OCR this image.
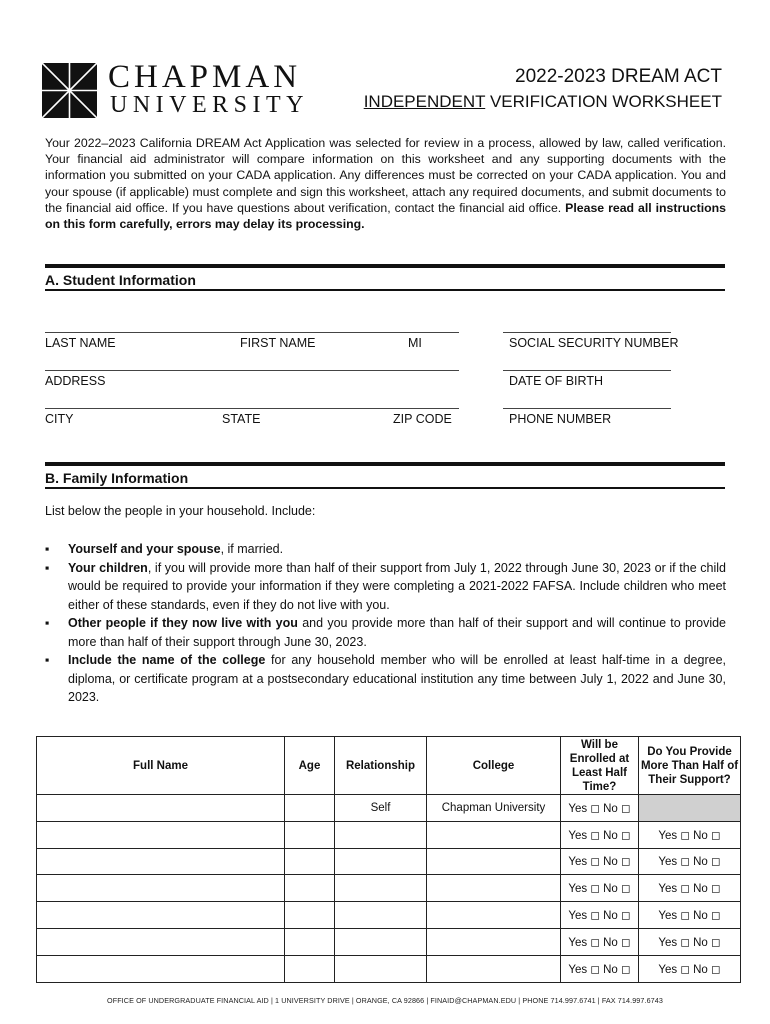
CHAPMAN
UNIVERSITY
2022-2023 DREAM ACT
INDEPENDENT VERIFICATION WORKSHEET
Your 2022–2023 California DREAM Act Application was selected for review in a process, allowed by law, called verification. Your financial aid administrator will compare information on this worksheet and any supporting documents with the information you submitted on your CADA application. Any differences must be corrected on your CADA application. You and your spouse (if applicable) must complete and sign this worksheet, attach any required documents, and submit documents to the financial aid office. If you have questions about verification, contact the financial aid office. Please read all instructions on this form carefully, errors may delay its processing.
A. Student Information
LAST NAME	FIRST NAME	MI	SOCIAL SECURITY NUMBER
ADDRESS	DATE OF BIRTH
CITY	STATE	ZIP CODE	PHONE NUMBER
B. Family Information
List below the people in your household. Include:
▪ Yourself and your spouse, if married.
▪ Your children, if you will provide more than half of their support from July 1, 2022 through June 30, 2023 or if the child would be required to provide your information if they were completing a 2021-2022 FAFSA. Include children who meet either of these standards, even if they do not live with you.
▪ Other people if they now live with you and you provide more than half of their support and will continue to provide more than half of their support through June 30, 2023.
▪ Include the name of the college for any household member who will be enrolled at least half-time in a degree, diploma, or certificate program at a postsecondary educational institution any time between July 1, 2022 and June 30, 2023.
Full Name	Age	Relationship	College	Will be Enrolled at Least Half Time?	Do You Provide More Than Half of Their Support?
		Self	Chapman University	Yes ◻ No ◻	
				Yes ◻ No ◻	Yes ◻ No ◻
				Yes ◻ No ◻	Yes ◻ No ◻
				Yes ◻ No ◻	Yes ◻ No ◻
				Yes ◻ No ◻	Yes ◻ No ◻
				Yes ◻ No ◻	Yes ◻ No ◻
				Yes ◻ No ◻	Yes ◻ No ◻
OFFICE OF UNDERGRADUATE FINANCIAL AID | 1 UNIVERSITY DRIVE | ORANGE, CA 92866 | FINAID@CHAPMAN.EDU | PHONE 714.997.6741 | FAX 714.997.6743
